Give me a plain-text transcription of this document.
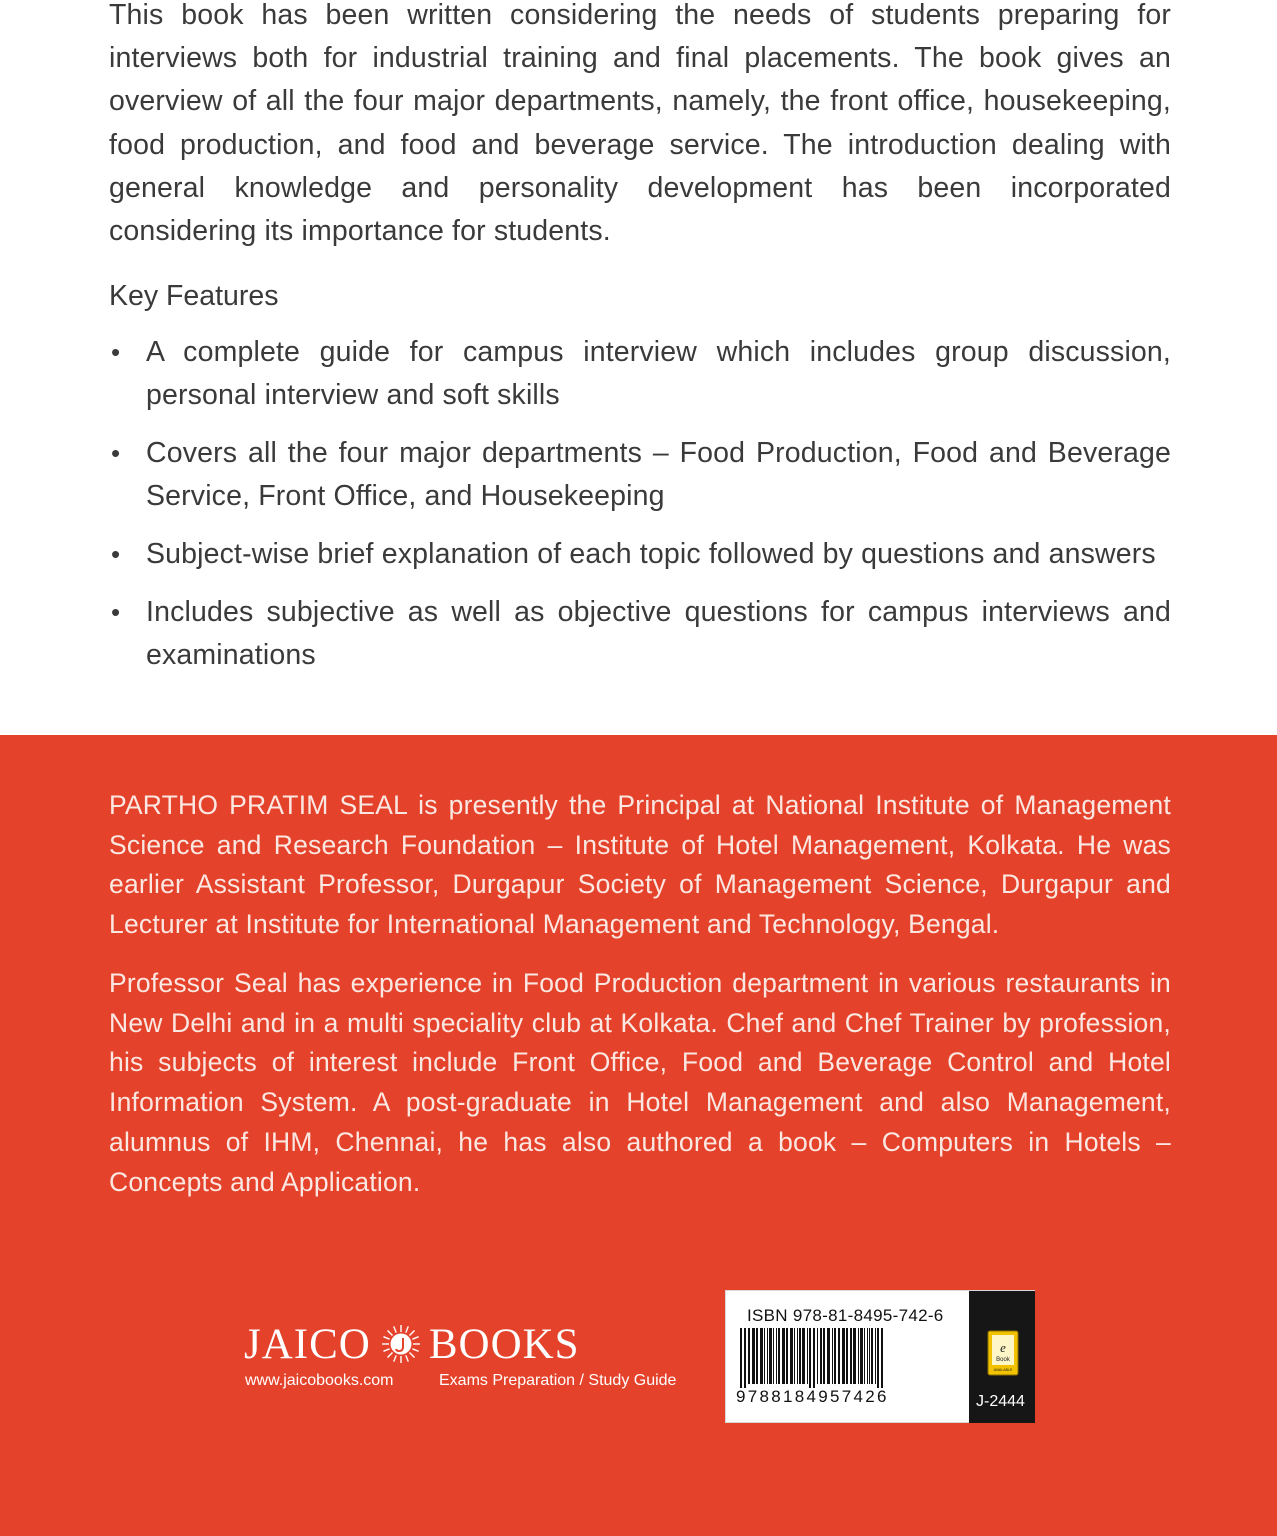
This book has been written considering the needs of students preparing for interviews both for industrial training and final placements. The book gives an overview of all the four major departments, namely, the front office, housekeeping, food production, and food and beverage service. The introduction dealing with general knowledge and personality development has been incorporated considering its importance for students.

Key Features

• A complete guide for campus interview which includes group discussion, personal interview and soft skills
• Covers all the four major departments – Food Production, Food and Beverage Service, Front Office, and Housekeeping
• Subject-wise brief explanation of each topic followed by questions and answers
• Includes subjective as well as objective questions for campus interviews and examinations

PARTHO PRATIM SEAL is presently the Principal at National Institute of Management Science and Research Foundation – Institute of Hotel Management, Kolkata. He was earlier Assistant Professor, Durgapur Society of Management Science, Durgapur and Lecturer at Institute for International Management and Technology, Bengal.

Professor Seal has experience in Food Production department in various restaurants in New Delhi and in a multi speciality club at Kolkata. Chef and Chef Trainer by profession, his subjects of interest include Front Office, Food and Beverage Control and Hotel Information System. A post-graduate in Hotel Management and also Management, alumnus of IHM, Chennai, he has also authored a book – Computers in Hotels – Concepts and Application.

JAICO BOOKS
www.jaicobooks.com	Exams Preparation / Study Guide
ISBN 978-81-8495-742-6
9788184957426
e
Book
AVAILABLE
J-2444
